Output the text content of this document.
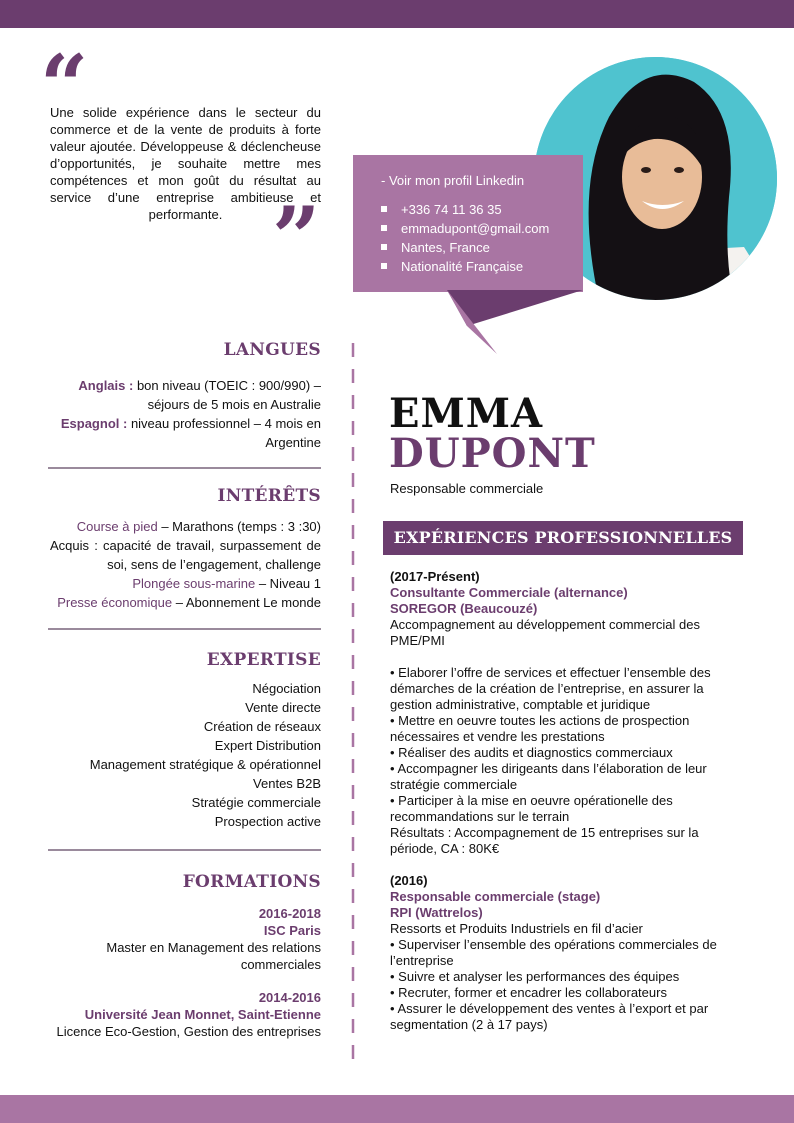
“
Une solide expérience dans le secteur du commerce et de la vente de produits à forte valeur ajoutée. Développeuse & déclencheuse d’opportunités, je souhaite mettre mes compétences et mon goût du résultat au service d’une entreprise ambitieuse et performante. ”
- Voir mon profil Linkedin
+336 74 11 36 35
emmadupont@gmail.com
Nantes, France
Nationalité Française
LANGUES
Anglais : bon niveau (TOEIC : 900/990) – séjours de 5 mois en Australie
Espagnol : niveau professionnel – 4 mois en Argentine
INTÉRÊTS
Course à pied – Marathons (temps : 3 :30)
Acquis : capacité de travail, surpassement de soi, sens de l’engagement, challenge
Plongée sous-marine – Niveau 1
Presse économique – Abonnement Le monde
EXPERTISE
Négociation
Vente directe
Création de réseaux
Expert Distribution
Management stratégique & opérationnel
Ventes B2B
Stratégie commerciale
Prospection active
FORMATIONS
2016-2018
ISC Paris
Master en Management des relations commerciales
2014-2016
Université Jean Monnet, Saint-Etienne
Licence Eco-Gestion, Gestion des entreprises
EMMA
DUPONT
Responsable commerciale
EXPÉRIENCES PROFESSIONNELLES

(2017-Présent)

Consultante Commerciale (alternance)

SOREGOR (Beaucouzé)

Accompagnement au développement commercial des PME/PMI

• Elaborer l’offre de services et effectuer l’ensemble des démarches de la création de l’entreprise, en assurer la gestion administrative, comptable et juridique

• Mettre en oeuvre toutes les actions de prospection nécessaires et vendre les prestations

• Réaliser des audits et diagnostics commerciaux

• Accompagner les dirigeants dans l’élaboration de leur stratégie commerciale

• Participer à la mise en oeuvre opérationelle des recommandations sur le terrain

Résultats : Accompagnement de 15 entreprises sur la période, CA : 80K€

(2016)

Responsable commerciale (stage)

RPI (Wattrelos)

Ressorts et Produits Industriels en fil d’acier

• Superviser l’ensemble des opérations commerciales de l’entreprise

• Suivre et analyser les performances des équipes

• Recruter, former et encadrer les collaborateurs

• Assurer le développement des ventes à l’export et par segmentation (2 à 17 pays)
